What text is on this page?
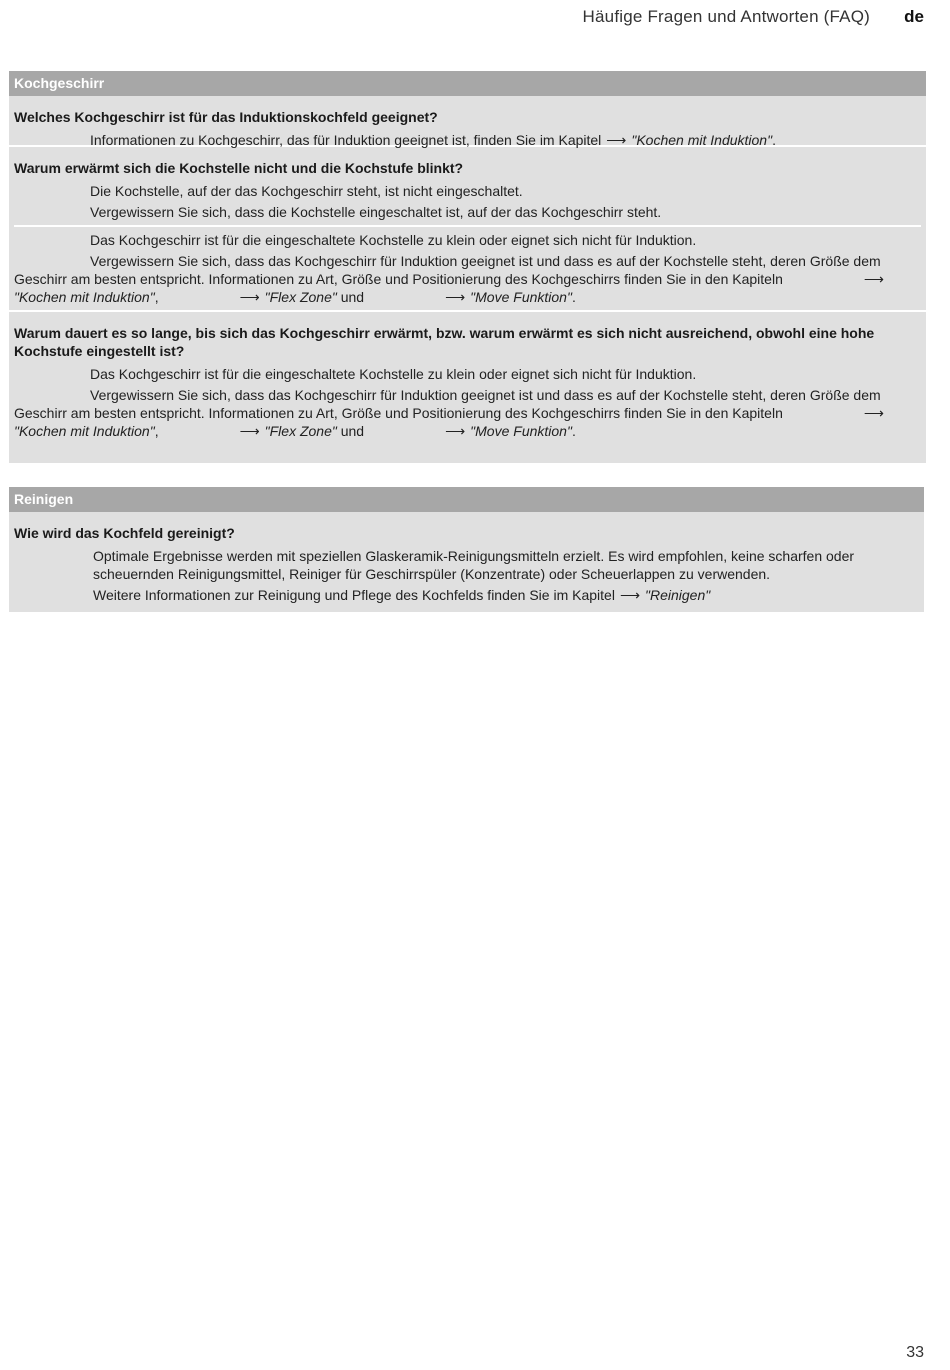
Häufige Fragen und Antworten (FAQ) de
Kochgeschirr
Welches Kochgeschirr ist für das Induktionskochfeld geeignet?
Informationen zu Kochgeschirr, das für Induktion geeignet ist, finden Sie im Kapitel ⟶ "Kochen mit Induktion".
Warum erwärmt sich die Kochstelle nicht und die Kochstufe blinkt?
Die Kochstelle, auf der das Kochgeschirr steht, ist nicht eingeschaltet.
Vergewissern Sie sich, dass die Kochstelle eingeschaltet ist, auf der das Kochgeschirr steht.
Das Kochgeschirr ist für die eingeschaltete Kochstelle zu klein oder eignet sich nicht für Induktion.
Vergewissern Sie sich, dass das Kochgeschirr für Induktion geeignet ist und dass es auf der Kochstelle steht, deren Größe dem Geschirr am besten entspricht. Informationen zu Art, Größe und Positionierung des Kochgeschirrs finden Sie in den Kapiteln	⟶"Kochen mit Induktion",	⟶ "Flex Zone" und	⟶ "Move Funktion".
Warum dauert es so lange, bis sich das Kochgeschirr erwärmt, bzw. warum erwärmt es sich nicht ausreichend, obwohl eine hohe Kochstufe eingestellt ist?
Das Kochgeschirr ist für die eingeschaltete Kochstelle zu klein oder eignet sich nicht für Induktion.
Vergewissern Sie sich, dass das Kochgeschirr für Induktion geeignet ist und dass es auf der Kochstelle steht, deren Größe dem Geschirr am besten entspricht. Informationen zu Art, Größe und Positionierung des Kochgeschirrs finden Sie in den Kapiteln	⟶"Kochen mit Induktion",	⟶ "Flex Zone" und	⟶ "Move Funktion".
Reinigen
Wie wird das Kochfeld gereinigt?
Optimale Ergebnisse werden mit speziellen Glaskeramik-Reinigungsmitteln erzielt. Es wird empfohlen, keine scharfen oder scheuernden Reinigungsmittel, Reiniger für Geschirrspüler (Konzentrate) oder Scheuerlappen zu verwenden.
Weitere Informationen zur Reinigung und Pflege des Kochfelds finden Sie im Kapitel ⟶ "Reinigen"
33
